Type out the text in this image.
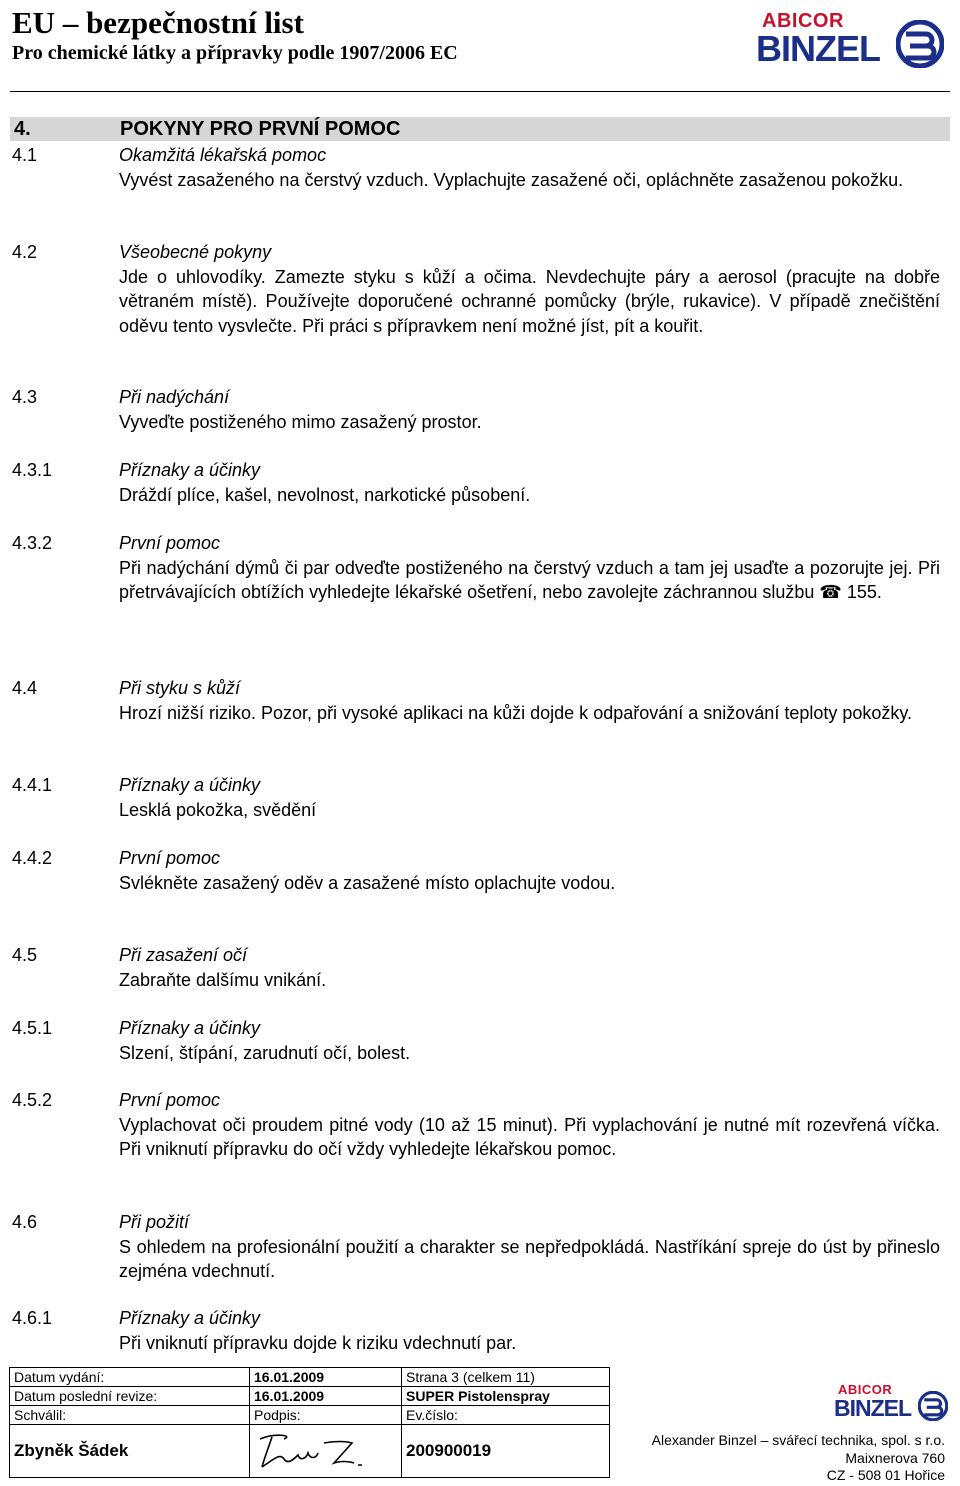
EU – bezpečnostní list
Pro chemické látky a přípravky podle 1907/2006 EC
ABICOR
BINZEL
4.	POKYNY PRO PRVNÍ POMOC
4.1	Okamžitá lékařská pomoc
Vyvést zasaženého na čerstvý vzduch. Vyplachujte zasažené oči, opláchněte zasaženou pokožku.
4.2	Všeobecné pokyny
Jde o uhlovodíky. Zamezte styku s kůží a očima. Nevdechujte páry a aerosol (pracujte na dobře větraném místě). Používejte doporučené ochranné pomůcky (brýle, rukavice). V případě znečištění oděvu tento vysvlečte. Při práci s přípravkem není možné jíst, pít a kouřit.
4.3	Při nadýchání
Vyveďte postiženého mimo zasažený prostor.
4.3.1	Příznaky a účinky
Dráždí plíce, kašel, nevolnost, narkotické působení.
4.3.2	První pomoc
Při nadýchání dýmů či par odveďte postiženého na čerstvý vzduch a tam jej usaďte a pozorujte jej. Při přetrvávajících obtížích vyhledejte lékařské ošetření, nebo zavolejte záchrannou službu ☎ 155.
4.4	Při styku s kůží
Hrozí nižší riziko. Pozor, při vysoké aplikaci na kůži dojde k odpařování a snižování teploty pokožky.
4.4.1	Příznaky a účinky
Lesklá pokožka, svědění
4.4.2	První pomoc
Svlékněte zasažený oděv a zasažené místo oplachujte vodou.
4.5	Při zasažení očí
Zabraňte dalšímu vnikání.
4.5.1	Příznaky a účinky
Slzení, štípání, zarudnutí očí, bolest.
4.5.2	První pomoc
Vyplachovat oči proudem pitné vody (10 až 15 minut). Při vyplachování je nutné mít rozevřená víčka. Při vniknutí přípravku do očí vždy vyhledejte lékařskou pomoc.
4.6	Při požití
S ohledem na profesionální použití a charakter se nepředpokládá. Nastříkání spreje do úst by přineslo zejména vdechnutí.
4.6.1	Příznaky a účinky
Při vniknutí přípravku dojde k riziku vdechnutí par.
Datum vydání:	16.01.2009	Strana 3 (celkem 11)
Datum poslední revize:	16.01.2009	SUPER Pistolenspray
Schválil:	Podpis:	Ev.číslo:
Zbyněk Šádek		200900019
ABICOR
BINZEL
Alexander Binzel – svářecí technika, spol. s r.o.
Maixnerova 760
CZ - 508 01 Hořice
